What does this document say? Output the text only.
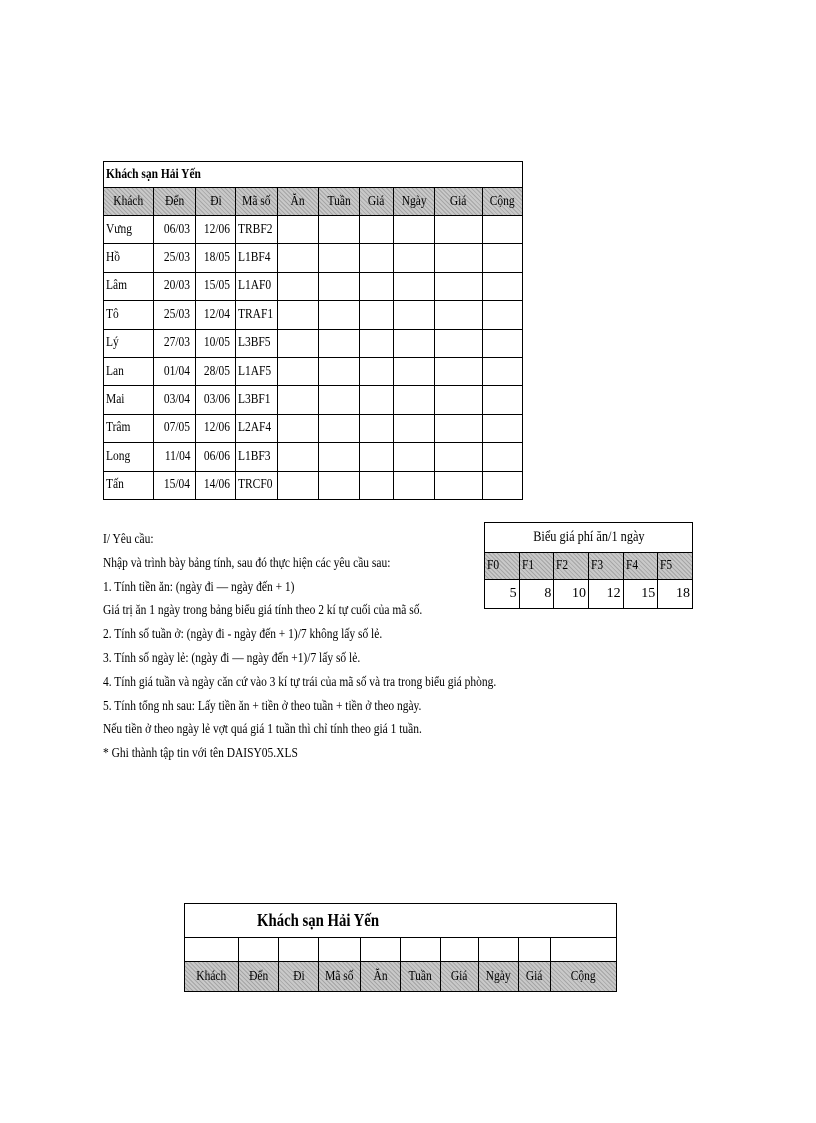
Khách sạn Hải Yến									
Khách	Đến	Đi	Mã số	Ăn	Tuần	Giá	Ngày	Giá	Cộng
Vưng	06/03	12/06	TRBF2						
Hồ	25/03	18/05	L1BF4						
Lâm	20/03	15/05	L1AF0						
Tô	25/03	12/04	TRAF1						
Lý	27/03	10/05	L3BF5						
Lan	01/04	28/05	L1AF5						
Mai	03/04	03/06	L3BF1						
Trâm	07/05	12/06	L2AF4						
Long	11/04	06/06	L1BF3						
Tấn	15/04	14/06	TRCF0						
I/ Yêu cầu:
Nhập và trình bày bảng tính, sau đó thực hiện các yêu cầu sau:
1. Tính tiền ăn: (ngày đi — ngày đến + 1)
Giá trị ăn 1 ngày trong bảng biểu giá tính theo 2 kí tự cuối của mã số.
2. Tính số tuần ở: (ngày đi - ngày đến + 1)/7 không lấy số lẻ.
3. Tính số ngày lẻ: (ngày đi — ngày đến +1)/7 lấy số lẻ.
4. Tính giá tuần và ngày căn cứ vào 3 kí tự trái của mã số và tra trong biểu giá phòng.
5. Tính tổng nh sau: Lấy tiền ăn + tiền ở theo tuần + tiền ở theo ngày.
Nếu tiền ở theo ngày lẻ vợt quá giá 1 tuần thì chỉ tính theo giá 1 tuần.
* Ghi thành tập tin với tên DAISY05.XLS
Biểu giá phí ăn/1 ngày					
F0	F1	F2	F3	F4	F5
5	8	10	12	15	18
Khách sạn Hải Yến									

Khách	Đến	Đi	Mã số	Ăn	Tuần	Giá	Ngày	Giá	Cộng
